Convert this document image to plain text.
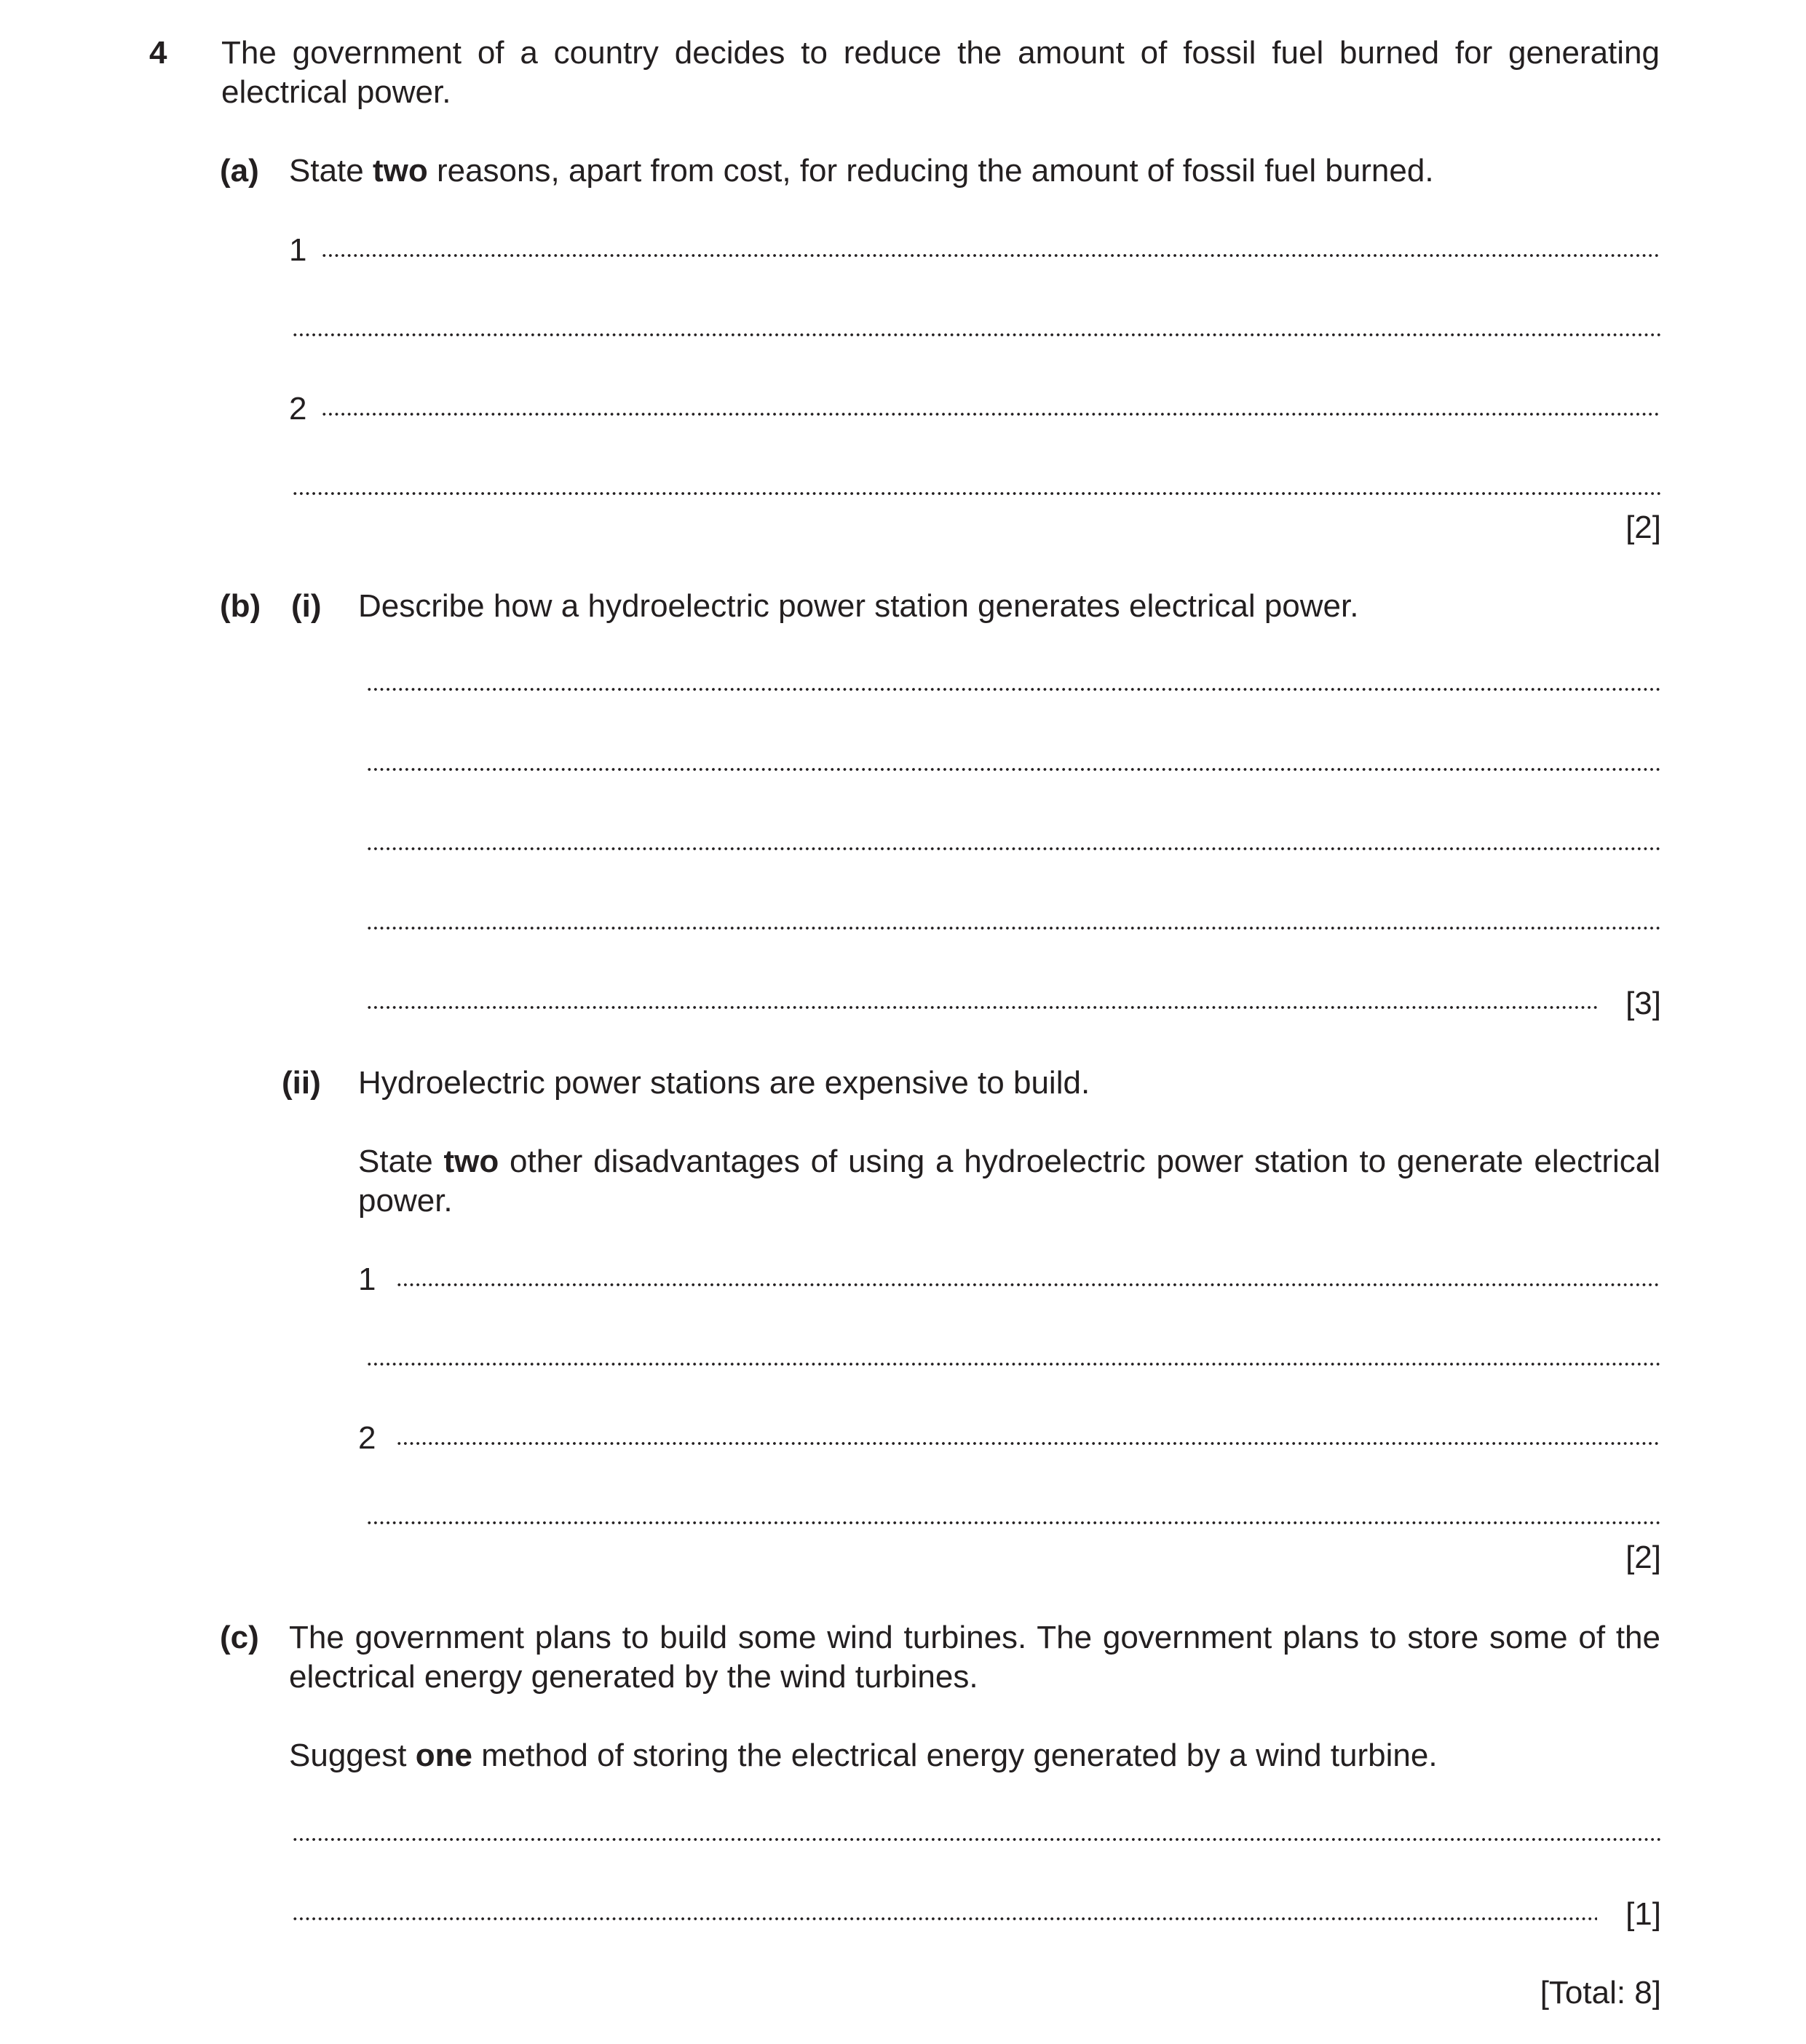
4 The government of a country decides to reduce the amount of fossil fuel burned for generating electrical power.
(a) State two reasons, apart from cost, for reducing the amount of fossil fuel burned.
1
2
[2]
(b) (i) Describe how a hydroelectric power station generates electrical power.
[3]
(ii) Hydroelectric power stations are expensive to build.
State two other disadvantages of using a hydroelectric power station to generate electrical power.
1
2
[2]
(c) The government plans to build some wind turbines. The government plans to store some of the electrical energy generated by the wind turbines.
Suggest one method of storing the electrical energy generated by a wind turbine.
[1]
[Total: 8]
